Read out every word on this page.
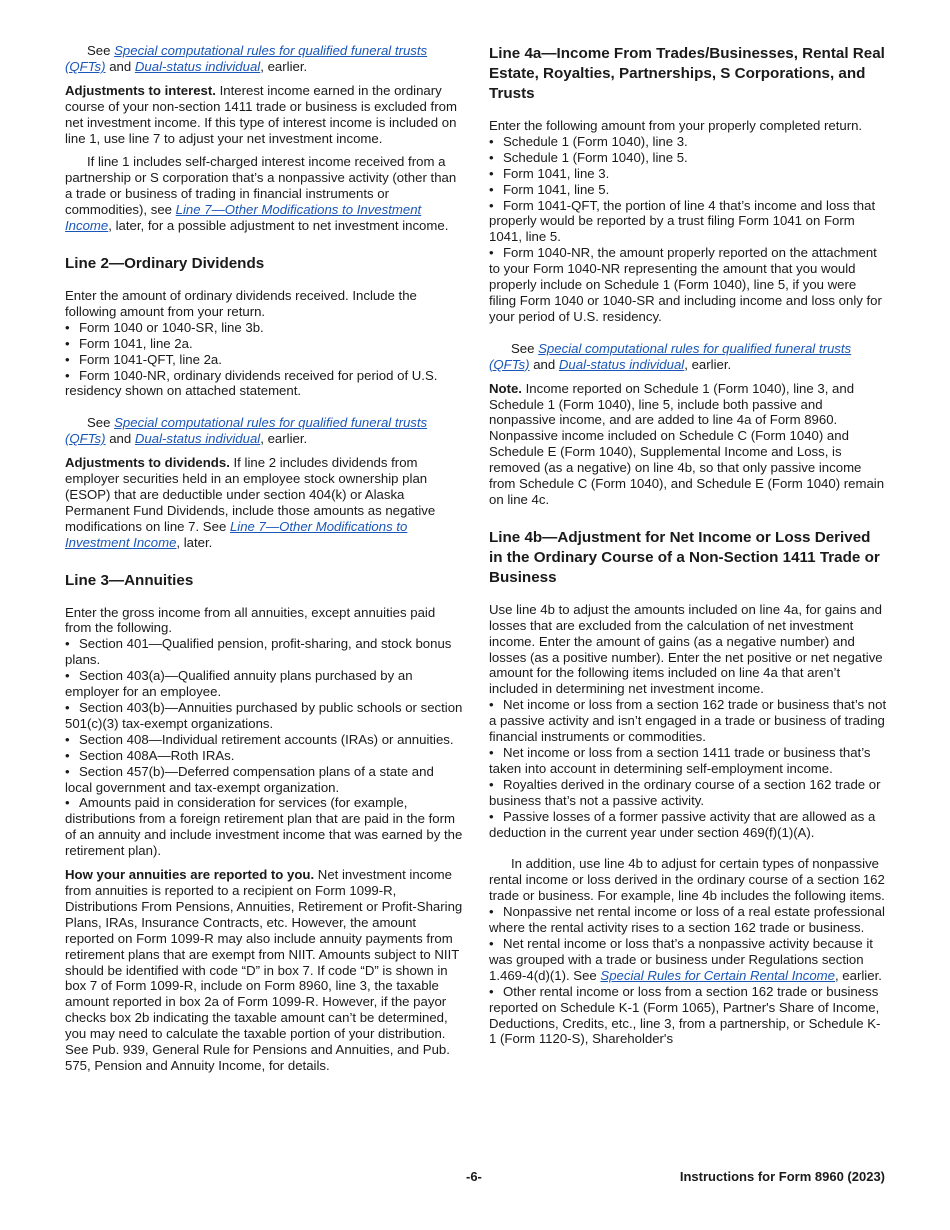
See Special computational rules for qualified funeral trusts (QFTs) and Dual-status individual, earlier.
Adjustments to interest. Interest income earned in the ordinary course of your non-section 1411 trade or business is excluded from net investment income. If this type of interest income is included on line 1, use line 7 to adjust your net investment income.
If line 1 includes self-charged interest income received from a partnership or S corporation that’s a nonpassive activity (other than a trade or business of trading in financial instruments or commodities), see Line 7—Other Modifications to Investment Income, later, for a possible adjustment to net investment income.
Line 2—Ordinary Dividends
Enter the amount of ordinary dividends received. Include the following amount from your return.
• Form 1040 or 1040-SR, line 3b.
• Form 1041, line 2a.
• Form 1041-QFT, line 2a.
• Form 1040-NR, ordinary dividends received for period of U.S. residency shown on attached statement.
See Special computational rules for qualified funeral trusts (QFTs) and Dual-status individual, earlier.
Adjustments to dividends. If line 2 includes dividends from employer securities held in an employee stock ownership plan (ESOP) that are deductible under section 404(k) or Alaska Permanent Fund Dividends, include those amounts as negative modifications on line 7. See Line 7—Other Modifications to Investment Income, later.
Line 3—Annuities
Enter the gross income from all annuities, except annuities paid from the following.
• Section 401—Qualified pension, profit-sharing, and stock bonus plans.
• Section 403(a)—Qualified annuity plans purchased by an employer for an employee.
• Section 403(b)—Annuities purchased by public schools or section 501(c)(3) tax-exempt organizations.
• Section 408—Individual retirement accounts (IRAs) or annuities.
• Section 408A—Roth IRAs.
• Section 457(b)—Deferred compensation plans of a state and local government and tax-exempt organization.
• Amounts paid in consideration for services (for example, distributions from a foreign retirement plan that are paid in the form of an annuity and include investment income that was earned by the retirement plan).
How your annuities are reported to you. Net investment income from annuities is reported to a recipient on Form 1099-R, Distributions From Pensions, Annuities, Retirement or Profit-Sharing Plans, IRAs, Insurance Contracts, etc. However, the amount reported on Form 1099-R may also include annuity payments from retirement plans that are exempt from NIIT. Amounts subject to NIIT should be identified with code “D” in box 7. If code “D” is shown in box 7 of Form 1099-R, include on Form 8960, line 3, the taxable amount reported in box 2a of Form 1099-R. However, if the payor checks box 2b indicating the taxable amount can’t be determined, you may need to calculate the taxable portion of your distribution. See Pub. 939, General Rule for Pensions and Annuities, and Pub. 575, Pension and Annuity Income, for details.
Line 4a—Income From Trades/Businesses, Rental Real Estate, Royalties, Partnerships, S Corporations, and Trusts
Enter the following amount from your properly completed return.
• Schedule 1 (Form 1040), line 3.
• Schedule 1 (Form 1040), line 5.
• Form 1041, line 3.
• Form 1041, line 5.
• Form 1041-QFT, the portion of line 4 that’s income and loss that properly would be reported by a trust filing Form 1041 on Form 1041, line 5.
• Form 1040-NR, the amount properly reported on the attachment to your Form 1040-NR representing the amount that you would properly include on Schedule 1 (Form 1040), line 5, if you were filing Form 1040 or 1040-SR and including income and loss only for your period of U.S. residency.
See Special computational rules for qualified funeral trusts (QFTs) and Dual-status individual, earlier.
Note. Income reported on Schedule 1 (Form 1040), line 3, and Schedule 1 (Form 1040), line 5, include both passive and nonpassive income, and are added to line 4a of Form 8960. Nonpassive income included on Schedule C (Form 1040) and Schedule E (Form 1040), Supplemental Income and Loss, is removed (as a negative) on line 4b, so that only passive income from Schedule C (Form 1040), and Schedule E (Form 1040) remain on line 4c.
Line 4b—Adjustment for Net Income or Loss Derived in the Ordinary Course of a Non-Section 1411 Trade or Business
Use line 4b to adjust the amounts included on line 4a, for gains and losses that are excluded from the calculation of net investment income. Enter the amount of gains (as a negative number) and losses (as a positive number). Enter the net positive or net negative amount for the following items included on line 4a that aren’t included in determining net investment income.
• Net income or loss from a section 162 trade or business that’s not a passive activity and isn’t engaged in a trade or business of trading financial instruments or commodities.
• Net income or loss from a section 1411 trade or business that’s taken into account in determining self-employment income.
• Royalties derived in the ordinary course of a section 162 trade or business that’s not a passive activity.
• Passive losses of a former passive activity that are allowed as a deduction in the current year under section 469(f)(1)(A).
In addition, use line 4b to adjust for certain types of nonpassive rental income or loss derived in the ordinary course of a section 162 trade or business. For example, line 4b includes the following items.
• Nonpassive net rental income or loss of a real estate professional where the rental activity rises to a section 162 trade or business.
• Net rental income or loss that’s a nonpassive activity because it was grouped with a trade or business under Regulations section 1.469-4(d)(1). See Special Rules for Certain Rental Income, earlier.
• Other rental income or loss from a section 162 trade or business reported on Schedule K-1 (Form 1065), Partner's Share of Income, Deductions, Credits, etc., line 3, from a partnership, or Schedule K-1 (Form 1120-S), Shareholder's
-6-	Instructions for Form 8960 (2023)
